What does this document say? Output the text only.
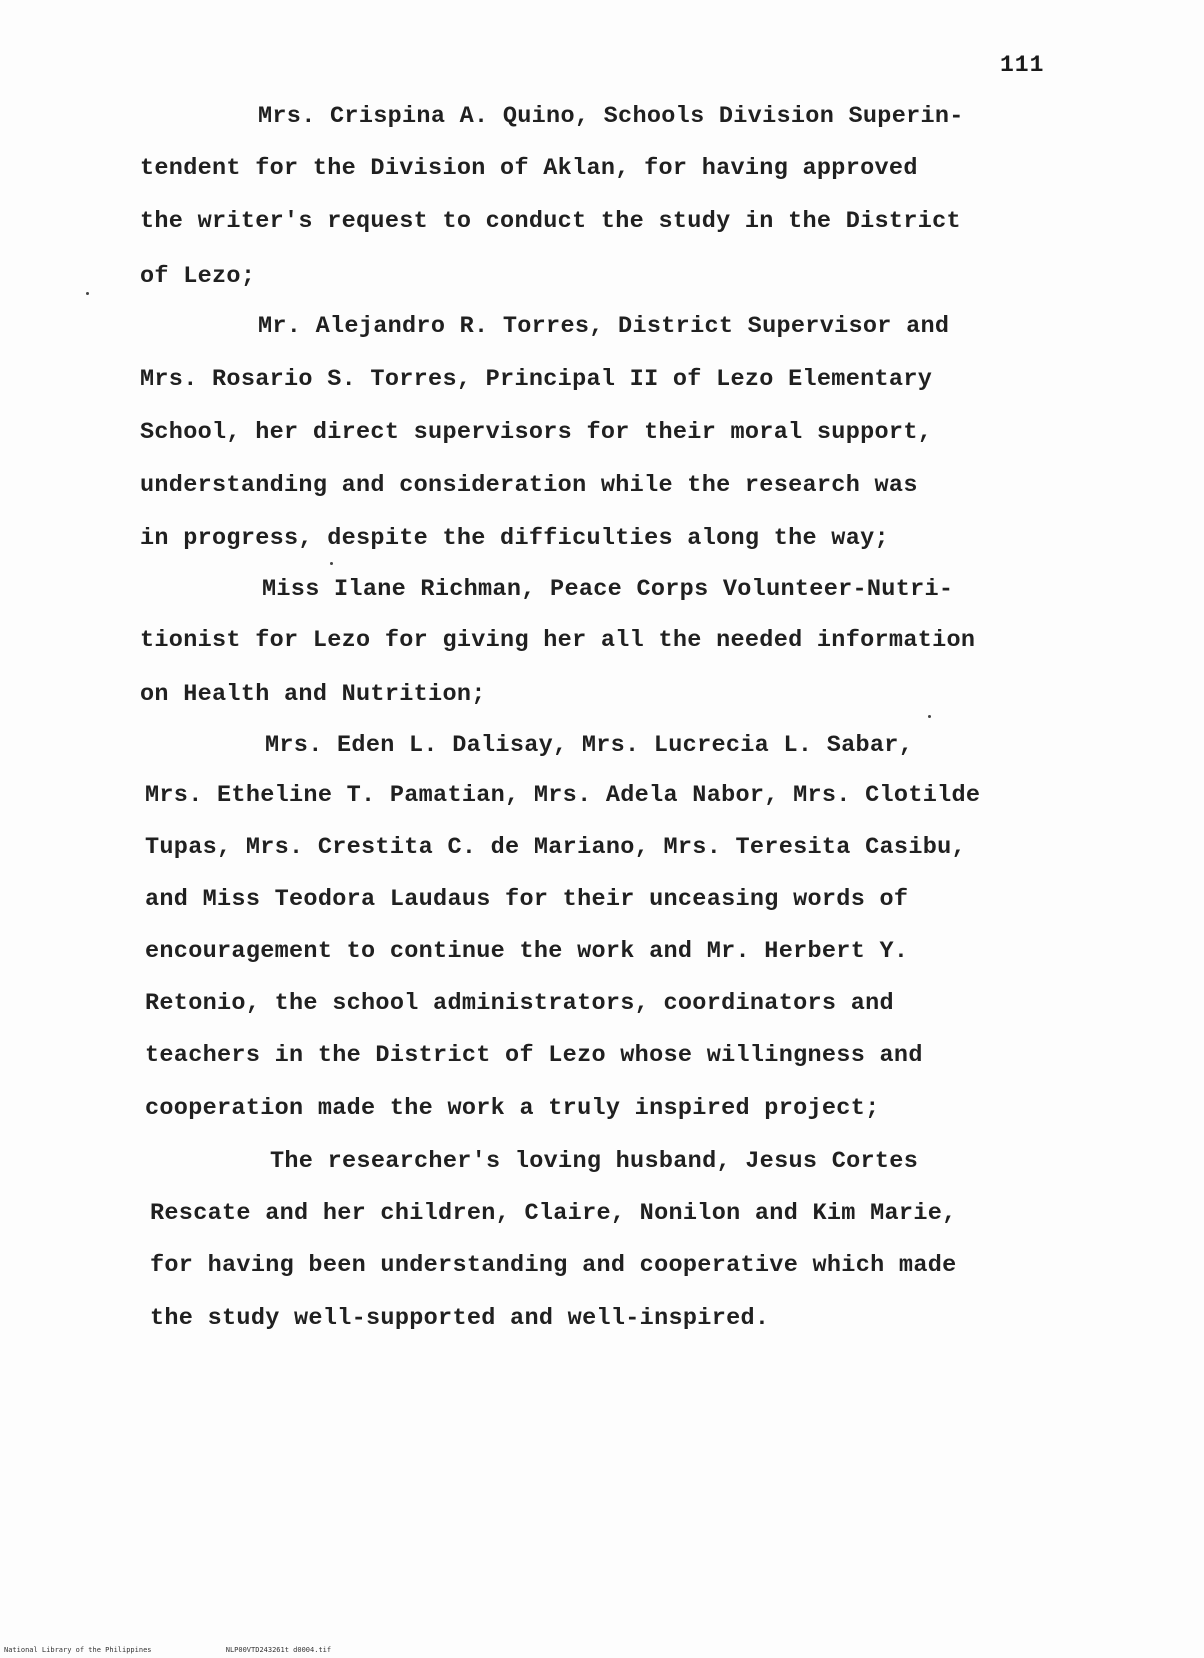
111
Mrs. Crispina A. Quino, Schools Division Superin-
tendent for the Division of Aklan, for having approved
the writer's request to conduct the study in the District
of Lezo;
Mr. Alejandro R. Torres, District Supervisor and
Mrs. Rosario S. Torres, Principal II of Lezo Elementary
School, her direct supervisors for their moral support,
understanding and consideration while the research was
in progress, despite the difficulties along the way;
Miss Ilane Richman, Peace Corps Volunteer-Nutri-
tionist for Lezo for giving her all the needed information
on Health and Nutrition;
Mrs. Eden L. Dalisay, Mrs. Lucrecia L. Sabar,
Mrs. Etheline T. Pamatian, Mrs. Adela Nabor, Mrs. Clotilde
Tupas, Mrs. Crestita C. de Mariano, Mrs. Teresita Casibu,
and Miss Teodora Laudaus for their unceasing words of
encouragement to continue the work and Mr. Herbert Y.
Retonio, the school administrators, coordinators and
teachers in the District of Lezo whose willingness and
cooperation made the work a truly inspired project;
The researcher's loving husband, Jesus Cortes
Rescate and her children, Claire, Nonilon and Kim Marie,
for having been understanding and cooperative which made
the study well-supported and well-inspired.
National Library of the Philippines	NLP00VTD243261t d0004.tif
